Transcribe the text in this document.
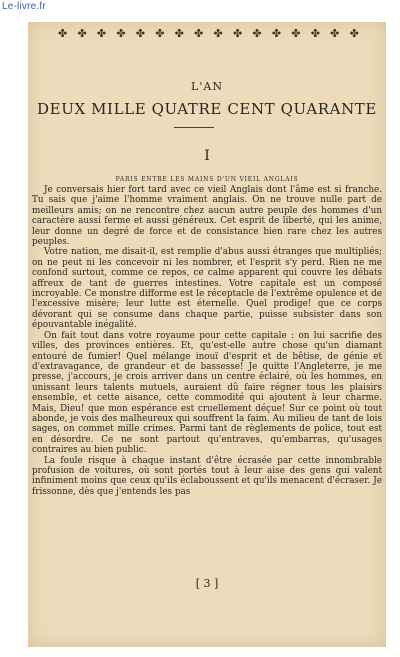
Le-livre.fr
✤ ✤ ✤ ✤ ✤ ✤ ✤ ✤ ✤ ✤ ✤ ✤ ✤ ✤ ✤ ✤
L'AN
DEUX MILLE QUATRE CENT QUARANTE
I
PARIS ENTRE LES MAINS D'UN VIEIL ANGLAIS

Je conversais hier fort tard avec ce vieil Anglais dont l'âme est si franche. Tu sais que j'aime l'homme vraiment anglais. On ne trouve nulle part de meilleurs amis; on ne rencontre chez aucun autre peuple des hommes d'un caractère aussi ferme et aussi généreux. Cet esprit de liberté, qui les anime, leur donne un degré de force et de consistance bien rare chez les autres peuples.

Votre nation, me disait-il, est remplie d'abus aussi étranges que multipliés; on ne peut ni les concevoir ni les nombrer, et l'esprit s'y perd. Rien ne me confond surtout, comme ce repos, ce calme apparent qui couvre les débats affreux de tant de guerres intestines. Votre capitale est un composé incroyable. Ce monstre difforme est le réceptacle de l'extrême opulence et de l'excessive misère; leur lutte est éternelle. Quel prodige! que ce corps dévorant qui se consume dans chaque partie, puisse subsister dans son épouvantable inégalité.

On fait tout dans votre royaume pour cette capitale : on lui sacrifie des villes, des provinces entières. Et, qu'est-elle autre chose qu'un diamant entouré de fumier! Quel mélange inouï d'esprit et de bêtise, de génie et d'extravagance, de grandeur et de bassesse! Je quitte l'Angleterre, je me presse, j'accours, je crois arriver dans un centre éclairé, où les hommes, en unissant leurs talents mutuels, auraient dû faire régner tous les plaisirs ensemble, et cette aisance, cette commodité qui ajoutent à leur charme. Mais, Dieu! que mon espérance est cruellement déçue! Sur ce point où tout abonde, je vois des malheureux qui souffrent la faim. Au milieu de tant de lois sages, on commet mille crimes. Parmi tant de règlements de police, tout est en désordre. Ce ne sont partout qu'entraves, qu'embarras, qu'usages contraires au bien public.

La foule risque à chaque instant d'être écrasée par cette innombrable profusion de voitures, où sont portés tout à leur aise des gens qui valent infiniment moins que ceux qu'ils éclaboussent et qu'ils menacent d'écraser. Je frissonne, dès que j'entends les pas

[ 3 ]
